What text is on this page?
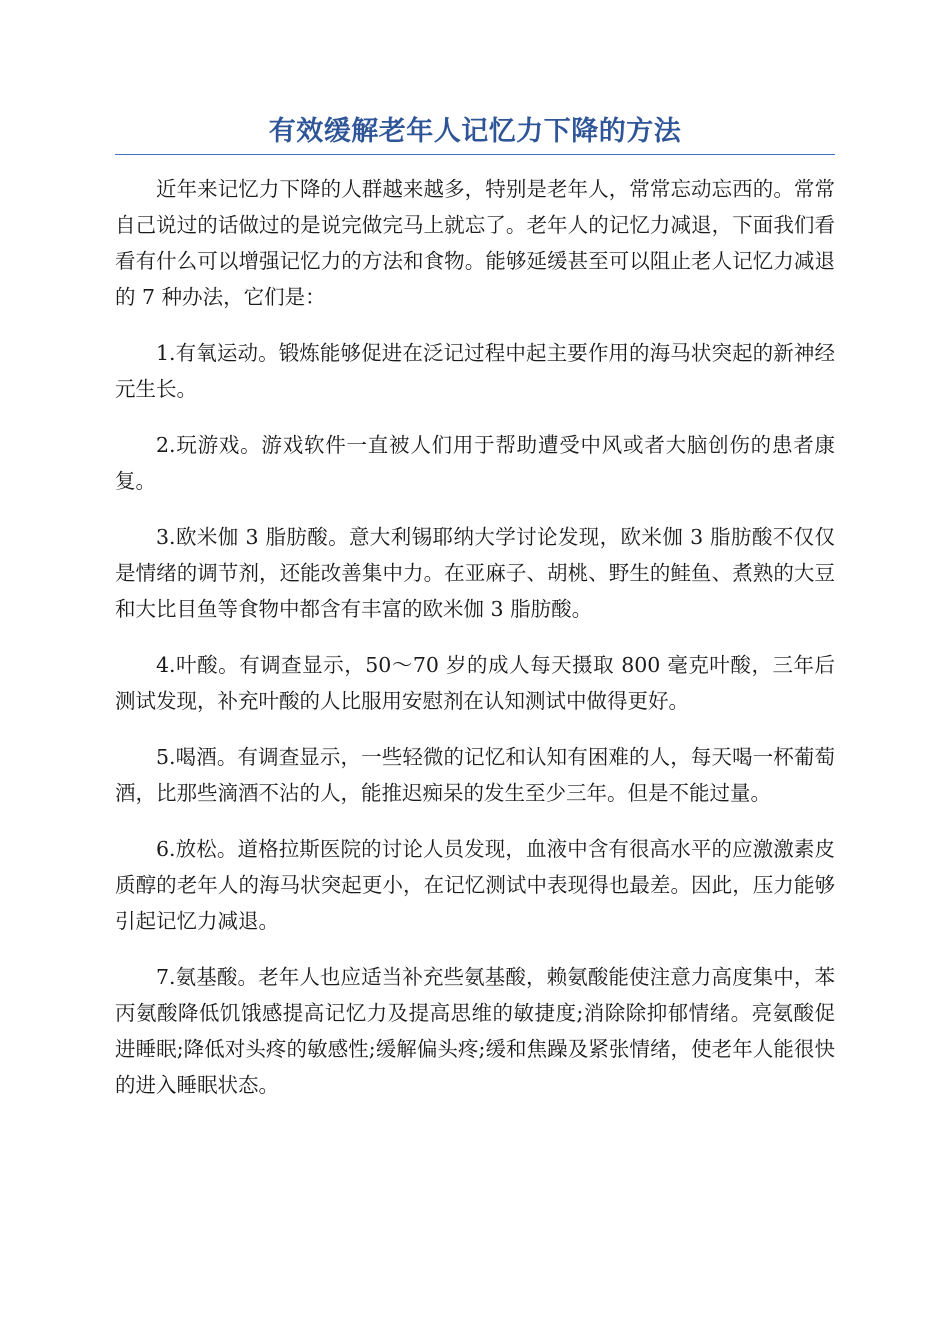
有效缓解老年人记忆力下降的方法

近年来记忆力下降的人群越来越多，特别是老年人，常常忘动忘西的。常常自己说过的话做过的是说完做完马上就忘了。老年人的记忆力减退，下面我们看看有什么可以增强记忆力的方法和食物。能够延缓甚至可以阻止老人记忆力减退的 7 种办法，它们是：

1.有氧运动。锻炼能够促进在泛记过程中起主要作用的海马状突起的新神经元生长。

2.玩游戏。游戏软件一直被人们用于帮助遭受中风或者大脑创伤的患者康复。

3.欧米伽 3 脂肪酸。意大利锡耶纳大学讨论发现，欧米伽 3 脂肪酸不仅仅是情绪的调节剂，还能改善集中力。在亚麻子、胡桃、野生的鲑鱼、煮熟的大豆和大比目鱼等食物中都含有丰富的欧米伽 3 脂肪酸。

4.叶酸。有调查显示，50～70 岁的成人每天摄取 800 毫克叶酸，三年后测试发现，补充叶酸的人比服用安慰剂在认知测试中做得更好。

5.喝酒。有调查显示，一些轻微的记忆和认知有困难的人，每天喝一杯葡萄酒，比那些滴酒不沾的人，能推迟痴呆的发生至少三年。但是不能过量。

6.放松。道格拉斯医院的讨论人员发现，血液中含有很高水平的应激激素皮质醇的老年人的海马状突起更小，在记忆测试中表现得也最差。因此，压力能够引起记忆力减退。

7.氨基酸。老年人也应适当补充些氨基酸，赖氨酸能使注意力高度集中，苯丙氨酸降低饥饿感提高记忆力及提高思维的敏捷度;消除除抑郁情绪。亮氨酸促进睡眠;降低对头疼的敏感性;缓解偏头疼;缓和焦躁及紧张情绪，使老年人能很快的进入睡眠状态。
